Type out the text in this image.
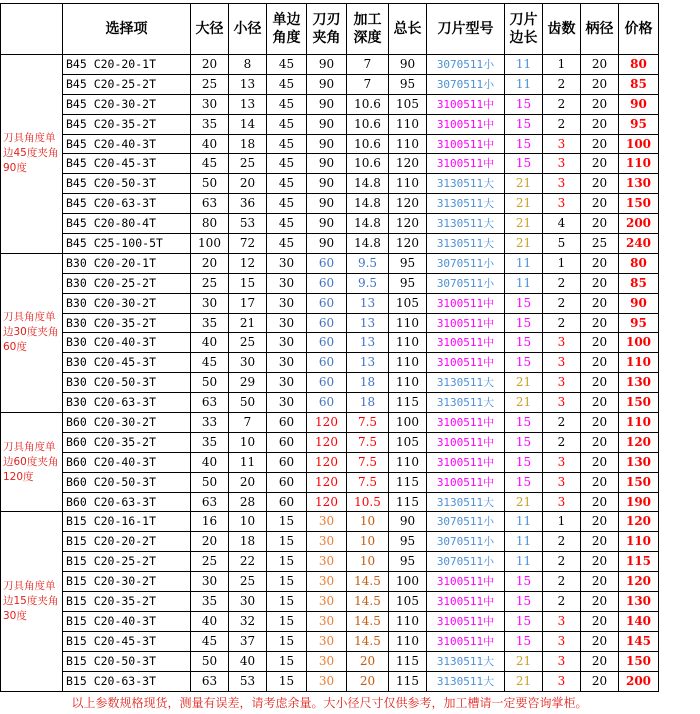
	选择项	大径	小径	单边角度	刀刃夹角	加工深度	总长	刀片型号	刀片边长	齿数	柄径	价格
刀具角度单边45度夹角90度	B45 C20-20-1T	20	8	45	90	7	90	3070511小	11	1	20	80
	B45 C20-25-2T	25	13	45	90	7	95	3070511小	11	2	20	85
	B45 C20-30-2T	30	13	45	90	10.6	105	3100511中	15	2	20	90
	B45 C20-35-2T	35	14	45	90	10.6	110	3100511中	15	2	20	95
	B45 C20-40-3T	40	18	45	90	10.6	110	3100511中	15	3	20	100
	B45 C20-45-3T	45	25	45	90	10.6	120	3100511中	15	3	20	110
	B45 C20-50-3T	50	20	45	90	14.8	110	3130511大	21	3	20	130
	B45 C20-63-3T	63	36	45	90	14.8	120	3130511大	21	3	20	150
	B45 C20-80-4T	80	53	45	90	14.8	120	3130511大	21	4	20	200
	B45 C25-100-5T	100	72	45	90	14.8	120	3130511大	21	5	25	240
刀具角度单边30度夹角60度	B30 C20-20-1T	20	12	30	60	9.5	95	3070511小	11	1	20	80
	B30 C20-25-2T	25	15	30	60	9.5	95	3070511小	11	2	20	85
	B30 C20-30-2T	30	17	30	60	13	105	3100511中	15	2	20	90
	B30 C20-35-2T	35	21	30	60	13	110	3100511中	15	2	20	95
	B30 C20-40-3T	40	25	30	60	13	110	3100511中	15	3	20	100
	B30 C20-45-3T	45	30	30	60	13	110	3100511中	15	3	20	110
	B30 C20-50-3T	50	29	30	60	18	110	3130511大	21	3	20	130
	B30 C20-63-3T	63	50	30	60	18	115	3130511大	21	3	20	150
刀具角度单边60度夹角120度	B60 C20-30-2T	33	7	60	120	7.5	100	3100511中	15	2	20	110
	B60 C20-35-2T	35	10	60	120	7.5	105	3100511中	15	2	20	120
	B60 C20-40-3T	40	11	60	120	7.5	110	3100511中	15	3	20	130
	B60 C20-50-3T	50	20	60	120	7.5	115	3100511中	15	3	20	150
	B60 C20-63-3T	63	28	60	120	10.5	115	3130511大	21	3	20	190
刀具角度单边15度夹角30度	B15 C20-16-1T	16	10	15	30	10	90	3070511小	11	1	20	120
	B15 C20-20-2T	20	18	15	30	10	95	3070511小	11	2	20	110
	B15 C20-25-2T	25	22	15	30	10	95	3070511小	11	2	20	115
	B15 C20-30-2T	30	25	15	30	14.5	100	3100511中	15	2	20	120
	B15 C20-35-2T	35	30	15	30	14.5	105	3100511中	15	2	20	130
	B15 C20-40-3T	40	32	15	30	14.5	110	3100511中	15	3	20	140
	B15 C20-45-3T	45	37	15	30	14.5	110	3100511中	15	3	20	145
	B15 C20-50-3T	50	40	15	30	20	115	3130511大	21	3	20	150
	B15 C20-63-3T	63	53	15	30	20	115	3130511大	21	3	20	200
以上参数规格现货，测量有误差，请考虑余量。大小径尺寸仅供参考，加工槽请一定要咨询掌柜。												
